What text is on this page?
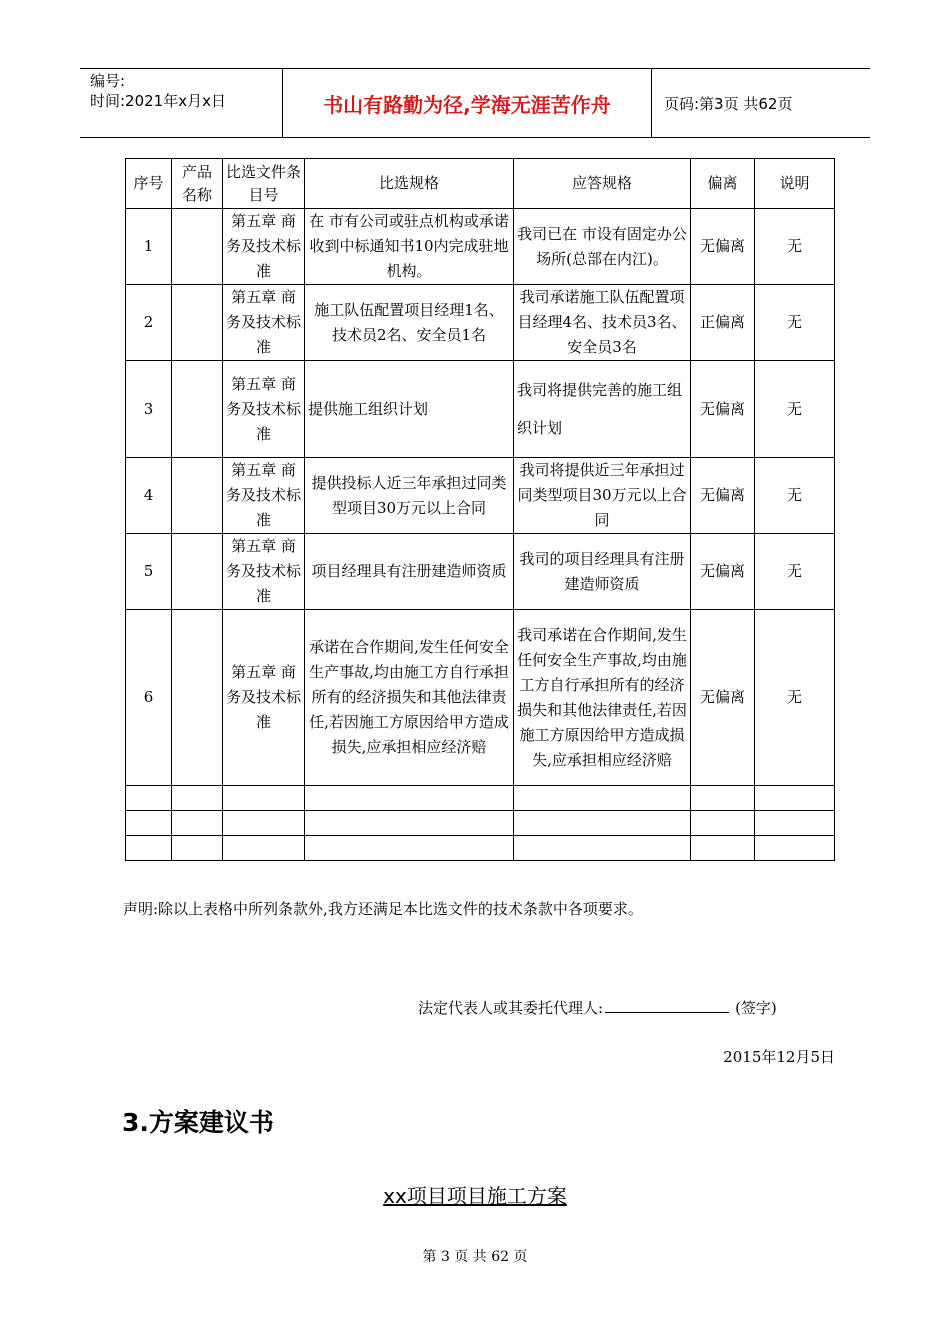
编号:
时间:2021年x月x日	书山有路勤为径,学海无涯苦作舟	页码:第3页 共62页
序号	产品名称	比选文件条目号	比选规格	应答规格	偏离	说明
1		第五章 商务及技术标准	在 市有公司或驻点机构或承诺收到中标通知书10内完成驻地机构。	我司已在 市设有固定办公场所(总部在内江)。	无偏离	无
2		第五章 商务及技术标准	施工队伍配置项目经理1名、技术员2名、安全员1名	我司承诺施工队伍配置项目经理4名、技术员3名、安全员3名	正偏离	无
3		第五章 商务及技术标准	提供施工组织计划	我司将提供完善的施工组织计划	无偏离	无
4		第五章 商务及技术标准	提供投标人近三年承担过同类型项目30万元以上合同	我司将提供近三年承担过同类型项目30万元以上合同	无偏离	无
5		第五章 商务及技术标准	项目经理具有注册建造师资质	我司的项目经理具有注册建造师资质	无偏离	无
6		第五章 商务及技术标准	承诺在合作期间,发生任何安全生产事故,均由施工方自行承担所有的经济损失和其他法律责任,若因施工方原因给甲方造成损失,应承担相应经济赔	我司承诺在合作期间,发生任何安全生产事故,均由施工方自行承担所有的经济损失和其他法律责任,若因施工方原因给甲方造成损失,应承担相应经济赔	无偏离	无

声明:除以上表格中所列条款外,我方还满足本比选文件的技术条款中各项要求。
法定代表人或其委托代理人:	(签字)
2015年12月5日
3.方案建议书
xx项目项目施工方案
第 3 页 共 62 页
